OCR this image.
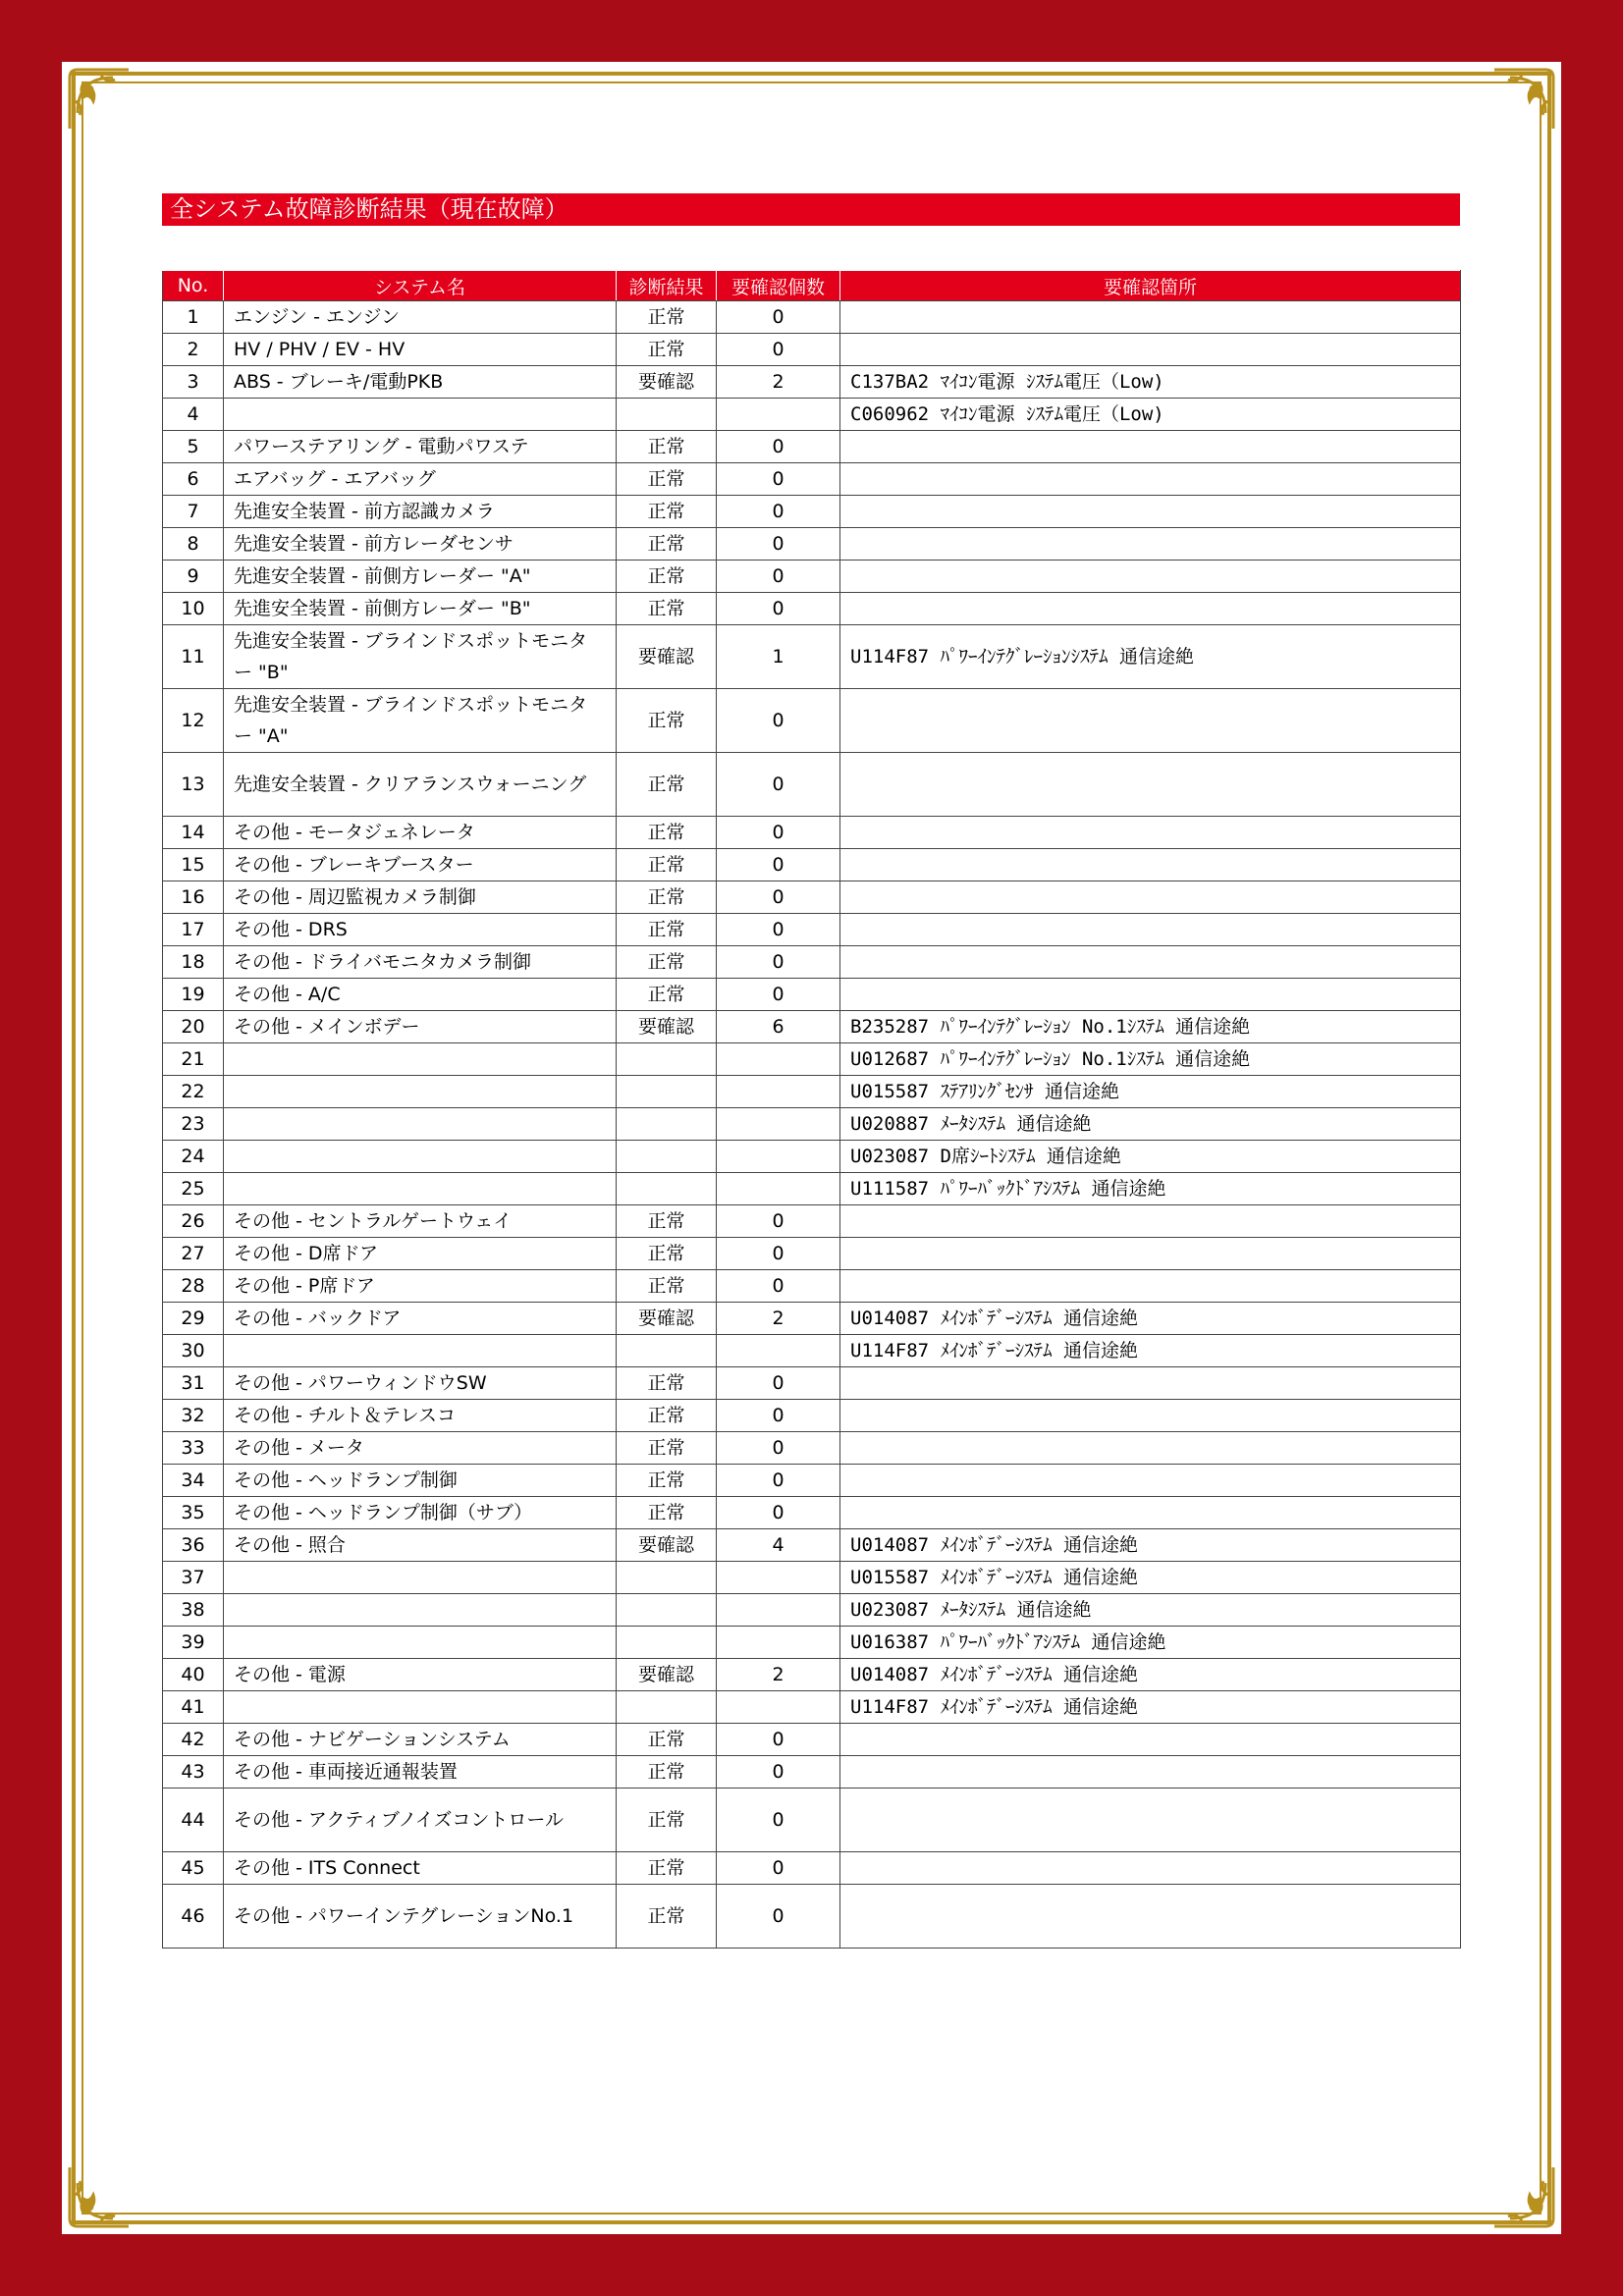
全システム故障診断結果（現在故障）
No.	システム名	診断結果	要確認個数	要確認箇所
1	エンジン - エンジン	正常	0	
2	HV / PHV / EV - HV	正常	0	
3	ABS - ブレーキ/電動PKB	要確認	2	C137BA2 ﾏｲｺﾝ電源 ｼｽﾃﾑ電圧（Low)
4				C060962 ﾏｲｺﾝ電源 ｼｽﾃﾑ電圧（Low)
5	パワーステアリング - 電動パワステ	正常	0	
6	エアバッグ - エアバッグ	正常	0	
7	先進安全装置 - 前方認識カメラ	正常	0	
8	先進安全装置 - 前方レーダセンサ	正常	0	
9	先進安全装置 - 前側方レーダー "A"	正常	0	
10	先進安全装置 - 前側方レーダー "B"	正常	0	
11	先進安全装置 - ブラインドスポットモニター "B"	要確認	1	U114F87 ﾊﾟﾜｰｲﾝﾃｸﾞﾚｰｼｮﾝｼｽﾃﾑ 通信途絶
12	先進安全装置 - ブラインドスポットモニター "A"	正常	0	
13	先進安全装置 - クリアランスウォーニング	正常	0	
14	その他 - モータジェネレータ	正常	0	
15	その他 - ブレーキブースター	正常	0	
16	その他 - 周辺監視カメラ制御	正常	0	
17	その他 - DRS	正常	0	
18	その他 - ドライバモニタカメラ制御	正常	0	
19	その他 - A/C	正常	0	
20	その他 - メインボデー	要確認	6	B235287 ﾊﾟﾜｰｲﾝﾃｸﾞﾚｰｼｮﾝ No.1ｼｽﾃﾑ 通信途絶
21				U012687 ﾊﾟﾜｰｲﾝﾃｸﾞﾚｰｼｮﾝ No.1ｼｽﾃﾑ 通信途絶
22				U015587 ｽﾃｱﾘﾝｸﾞｾﾝｻ 通信途絶
23				U020887 ﾒｰﾀｼｽﾃﾑ 通信途絶
24				U023087 D席ｼｰﾄｼｽﾃﾑ 通信途絶
25				U111587 ﾊﾟﾜｰﾊﾞｯｸﾄﾞｱｼｽﾃﾑ 通信途絶
26	その他 - セントラルゲートウェイ	正常	0	
27	その他 - D席ドア	正常	0	
28	その他 - P席ドア	正常	0	
29	その他 - バックドア	要確認	2	U014087 ﾒｲﾝﾎﾞﾃﾞｰｼｽﾃﾑ 通信途絶
30				U114F87 ﾒｲﾝﾎﾞﾃﾞｰｼｽﾃﾑ 通信途絶
31	その他 - パワーウィンドウSW	正常	0	
32	その他 - チルト＆テレスコ	正常	0	
33	その他 - メータ	正常	0	
34	その他 - ヘッドランプ制御	正常	0	
35	その他 - ヘッドランプ制御（サブ）	正常	0	
36	その他 - 照合	要確認	4	U014087 ﾒｲﾝﾎﾞﾃﾞｰｼｽﾃﾑ 通信途絶
37				U015587 ﾒｲﾝﾎﾞﾃﾞｰｼｽﾃﾑ 通信途絶
38				U023087 ﾒｰﾀｼｽﾃﾑ 通信途絶
39				U016387 ﾊﾟﾜｰﾊﾞｯｸﾄﾞｱｼｽﾃﾑ 通信途絶
40	その他 - 電源	要確認	2	U014087 ﾒｲﾝﾎﾞﾃﾞｰｼｽﾃﾑ 通信途絶
41				U114F87 ﾒｲﾝﾎﾞﾃﾞｰｼｽﾃﾑ 通信途絶
42	その他 - ナビゲーションシステム	正常	0	
43	その他 - 車両接近通報装置	正常	0	
44	その他 - アクティブノイズコントロール	正常	0	
45	その他 - ITS Connect	正常	0	
46	その他 - パワーインテグレーションNo.1	正常	0	
